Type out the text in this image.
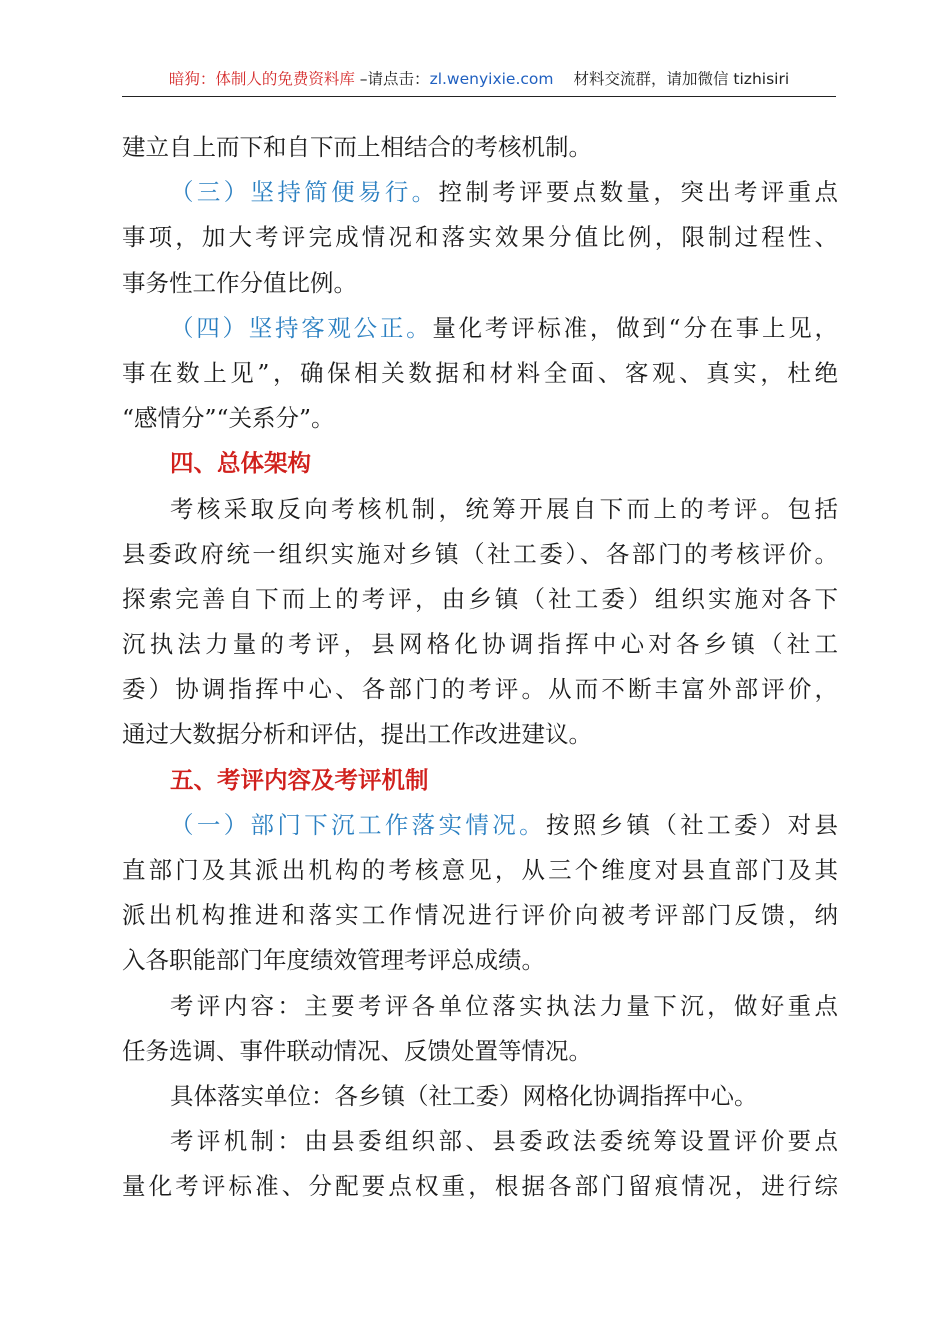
暗狗：体制人的免费资料库 –请点击：zl.wenyixie.com 材料交流群，请加微信 tizhisiri
建立自上而下和自下而上相结合的考核机制。
（三）坚持简便易行。控制考评要点数量，突出考评重点
事项，加大考评完成情况和落实效果分值比例，限制过程性、
事务性工作分值比例。
（四）坚持客观公正。量化考评标准，做到“分在事上见，
事在数上见”，确保相关数据和材料全面、客观、真实，杜绝
“感情分”“关系分”。
四、总体架构
考核采取反向考核机制，统筹开展自下而上的考评。包括
县委政府统一组织实施对乡镇（社工委）、各部门的考核评价。
探索完善自下而上的考评，由乡镇（社工委）组织实施对各下
沉执法力量的考评，县网格化协调指挥中心对各乡镇（社工
委）协调指挥中心、各部门的考评。从而不断丰富外部评价，
通过大数据分析和评估，提出工作改进建议。
五、考评内容及考评机制
（一）部门下沉工作落实情况。按照乡镇（社工委）对县
直部门及其派出机构的考核意见，从三个维度对县直部门及其
派出机构推进和落实工作情况进行评价向被考评部门反馈，纳
入各职能部门年度绩效管理考评总成绩。
考评内容：主要考评各单位落实执法力量下沉，做好重点
任务选调、事件联动情况、反馈处置等情况。
具体落实单位：各乡镇（社工委）网格化协调指挥中心。
考评机制：由县委组织部、县委政法委统筹设置评价要点
量化考评标准、分配要点权重，根据各部门留痕情况，进行综
